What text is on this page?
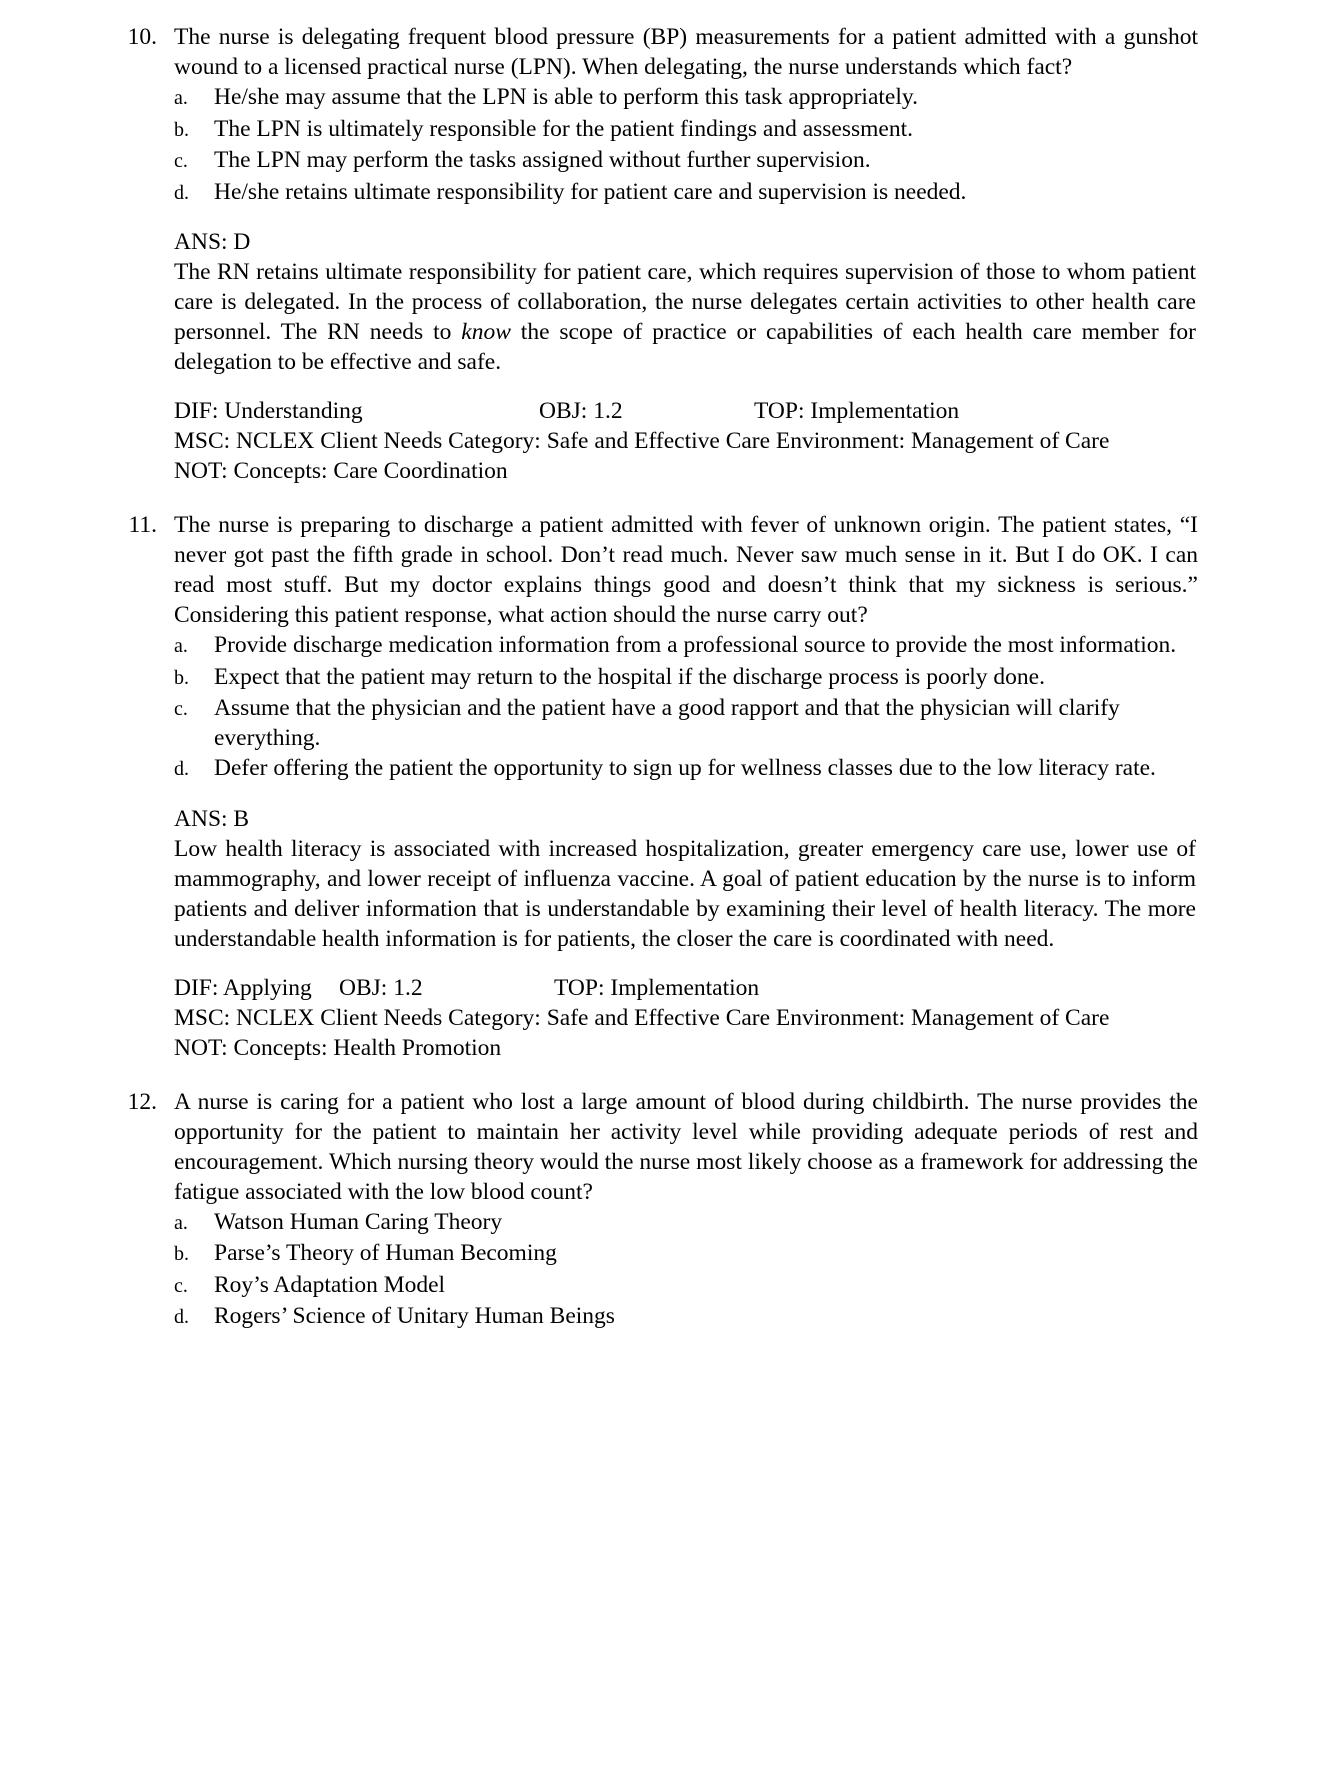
10. The nurse is delegating frequent blood pressure (BP) measurements for a patient admitted with a gunshot wound to a licensed practical nurse (LPN). When delegating, the nurse understands which fact?
a.	He/she may assume that the LPN is able to perform this task appropriately.
b.	The LPN is ultimately responsible for the patient findings and assessment.
c.	The LPN may perform the tasks assigned without further supervision.
d.	He/she retains ultimate responsibility for patient care and supervision is needed.
ANS: D
The RN retains ultimate responsibility for patient care, which requires supervision of those to whom patient care is delegated. In the process of collaboration, the nurse delegates certain activities to other health care personnel. The RN needs to know the scope of practice or capabilities of each health care member for delegation to be effective and safe.
DIF: Understanding	OBJ: 1.2	TOP: Implementation
MSC: NCLEX Client Needs Category: Safe and Effective Care Environment: Management of Care
NOT: Concepts: Care Coordination
11. The nurse is preparing to discharge a patient admitted with fever of unknown origin. The patient states, “I never got past the fifth grade in school. Don’t read much. Never saw much sense in it. But I do OK. I can read most stuff. But my doctor explains things good and doesn’t think that my sickness is serious.” Considering this patient response, what action should the nurse carry out?
a.	Provide discharge medication information from a professional source to provide the most information.
b.	Expect that the patient may return to the hospital if the discharge process is poorly done.
c.	Assume that the physician and the patient have a good rapport and that the physician will clarify everything.
d.	Defer offering the patient the opportunity to sign up for wellness classes due to the low literacy rate.
ANS: B
Low health literacy is associated with increased hospitalization, greater emergency care use, lower use of mammography, and lower receipt of influenza vaccine. A goal of patient education by the nurse is to inform patients and deliver information that is understandable by examining their level of health literacy. The more understandable health information is for patients, the closer the care is coordinated with need.
DIF: Applying	OBJ: 1.2	TOP: Implementation
MSC: NCLEX Client Needs Category: Safe and Effective Care Environment: Management of Care
NOT: Concepts: Health Promotion
12. A nurse is caring for a patient who lost a large amount of blood during childbirth. The nurse provides the opportunity for the patient to maintain her activity level while providing adequate periods of rest and encouragement. Which nursing theory would the nurse most likely choose as a framework for addressing the fatigue associated with the low blood count?
a.	Watson Human Caring Theory
b.	Parse’s Theory of Human Becoming
c.	Roy’s Adaptation Model
d.	Rogers’ Science of Unitary Human Beings
